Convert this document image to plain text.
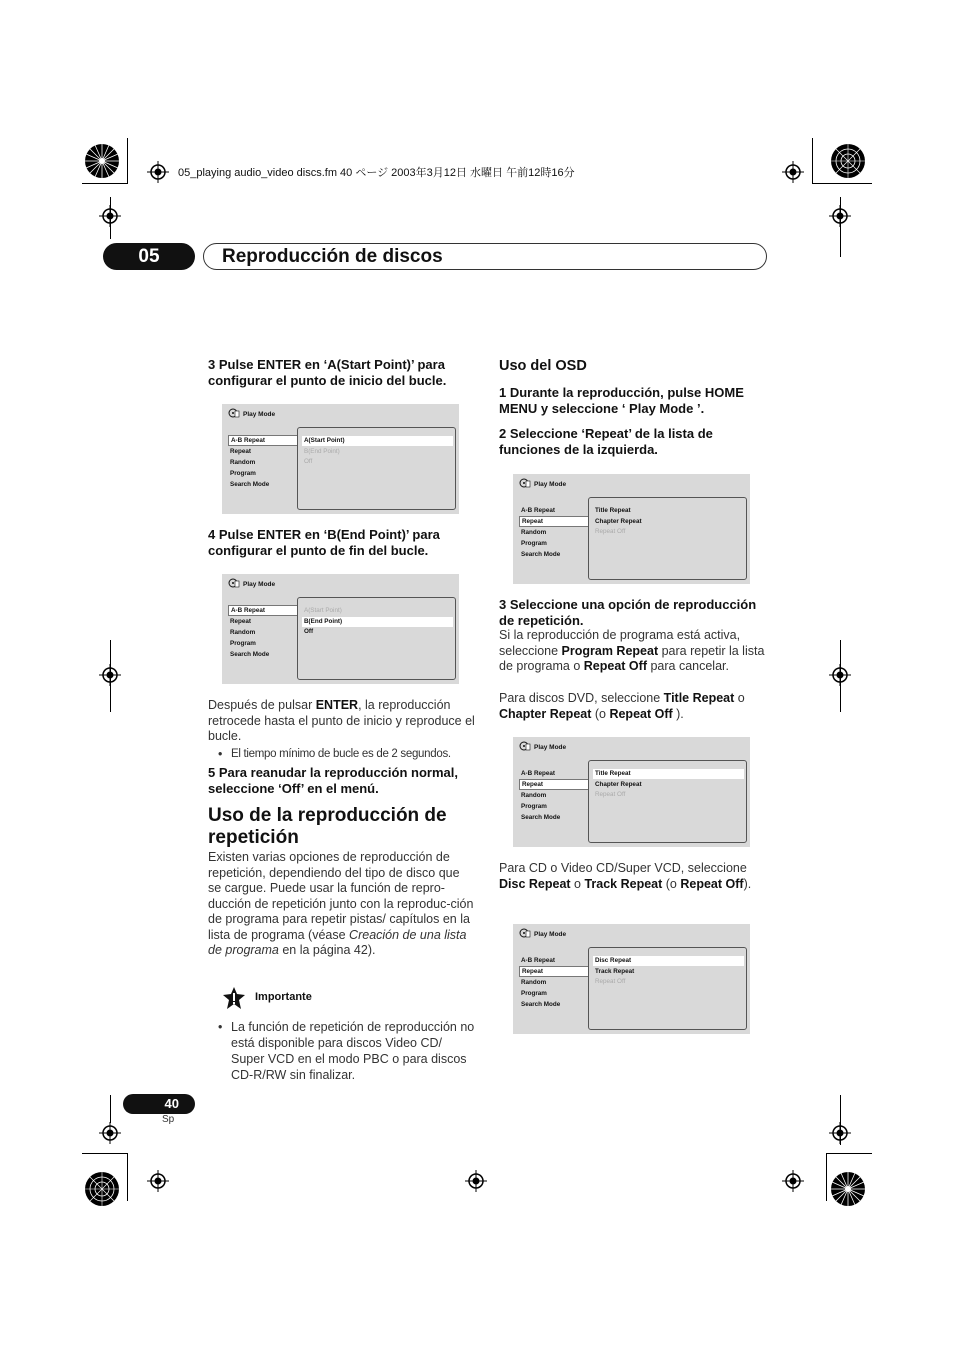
05_playing audio_video discs.fm 40 ページ 2003年3月12日 水曜日 午前12時16分
05	Reproducción de discos
3 Pulse ENTER en ‘A(Start Point)’ para configurar el punto de inicio del bucle.
Play Mode
A-B Repeat
Repeat
Random
Program
Search Mode
A(Start Point)
B(End Point)
Off
4 Pulse ENTER en ‘B(End Point)’ para configurar el punto de fin del bucle.
Play Mode
A-B Repeat
Repeat
Random
Program
Search Mode
A(Start Point)
B(End Point)
Off
Después de pulsar ENTER, la reproducción retrocede hasta el punto de inicio y reproduce el bucle.
• El tiempo mínimo de bucle es de 2 segundos.
5 Para reanudar la reproducción normal, seleccione ‘Off’ en el menú.
Uso de la reproducción de repetición
Existen varias opciones de reproducción de repetición, dependiendo del tipo de disco que se cargue. Puede usar la función de repro-ducción de repetición junto con la reproduc-ción de programa para repetir pistas/ capítulos en la lista de programa (véase Creación de una lista de programa en la página 42).
Importante
• La función de repetición de reproducción no está disponible para discos Video CD/ Super VCD en el modo PBC o para discos CD-R/RW sin finalizar.
Uso del OSD
1 Durante la reproducción, pulse HOME MENU y seleccione ‘ Play Mode ’.
2 Seleccione ‘Repeat’ de la lista de funciones de la izquierda.
Play Mode
A-B Repeat
Repeat
Random
Program
Search Mode
Title Repeat
Chapter Repeat
Repeat Off
3 Seleccione una opción de reproducción de repetición.
Si la reproducción de programa está activa, seleccione Program Repeat para repetir la lista de programa o Repeat Off para cancelar.
Para discos DVD, seleccione Title Repeat o Chapter Repeat (o Repeat Off ).
Play Mode
A-B Repeat
Repeat
Random
Program
Search Mode
Title Repeat
Chapter Repeat
Repeat Off
Para CD o Video CD/Super VCD, seleccione Disc Repeat o Track Repeat (o Repeat Off).
Play Mode
A-B Repeat
Repeat
Random
Program
Search Mode
Disc Repeat
Track Repeat
Repeat Off
40
Sp
